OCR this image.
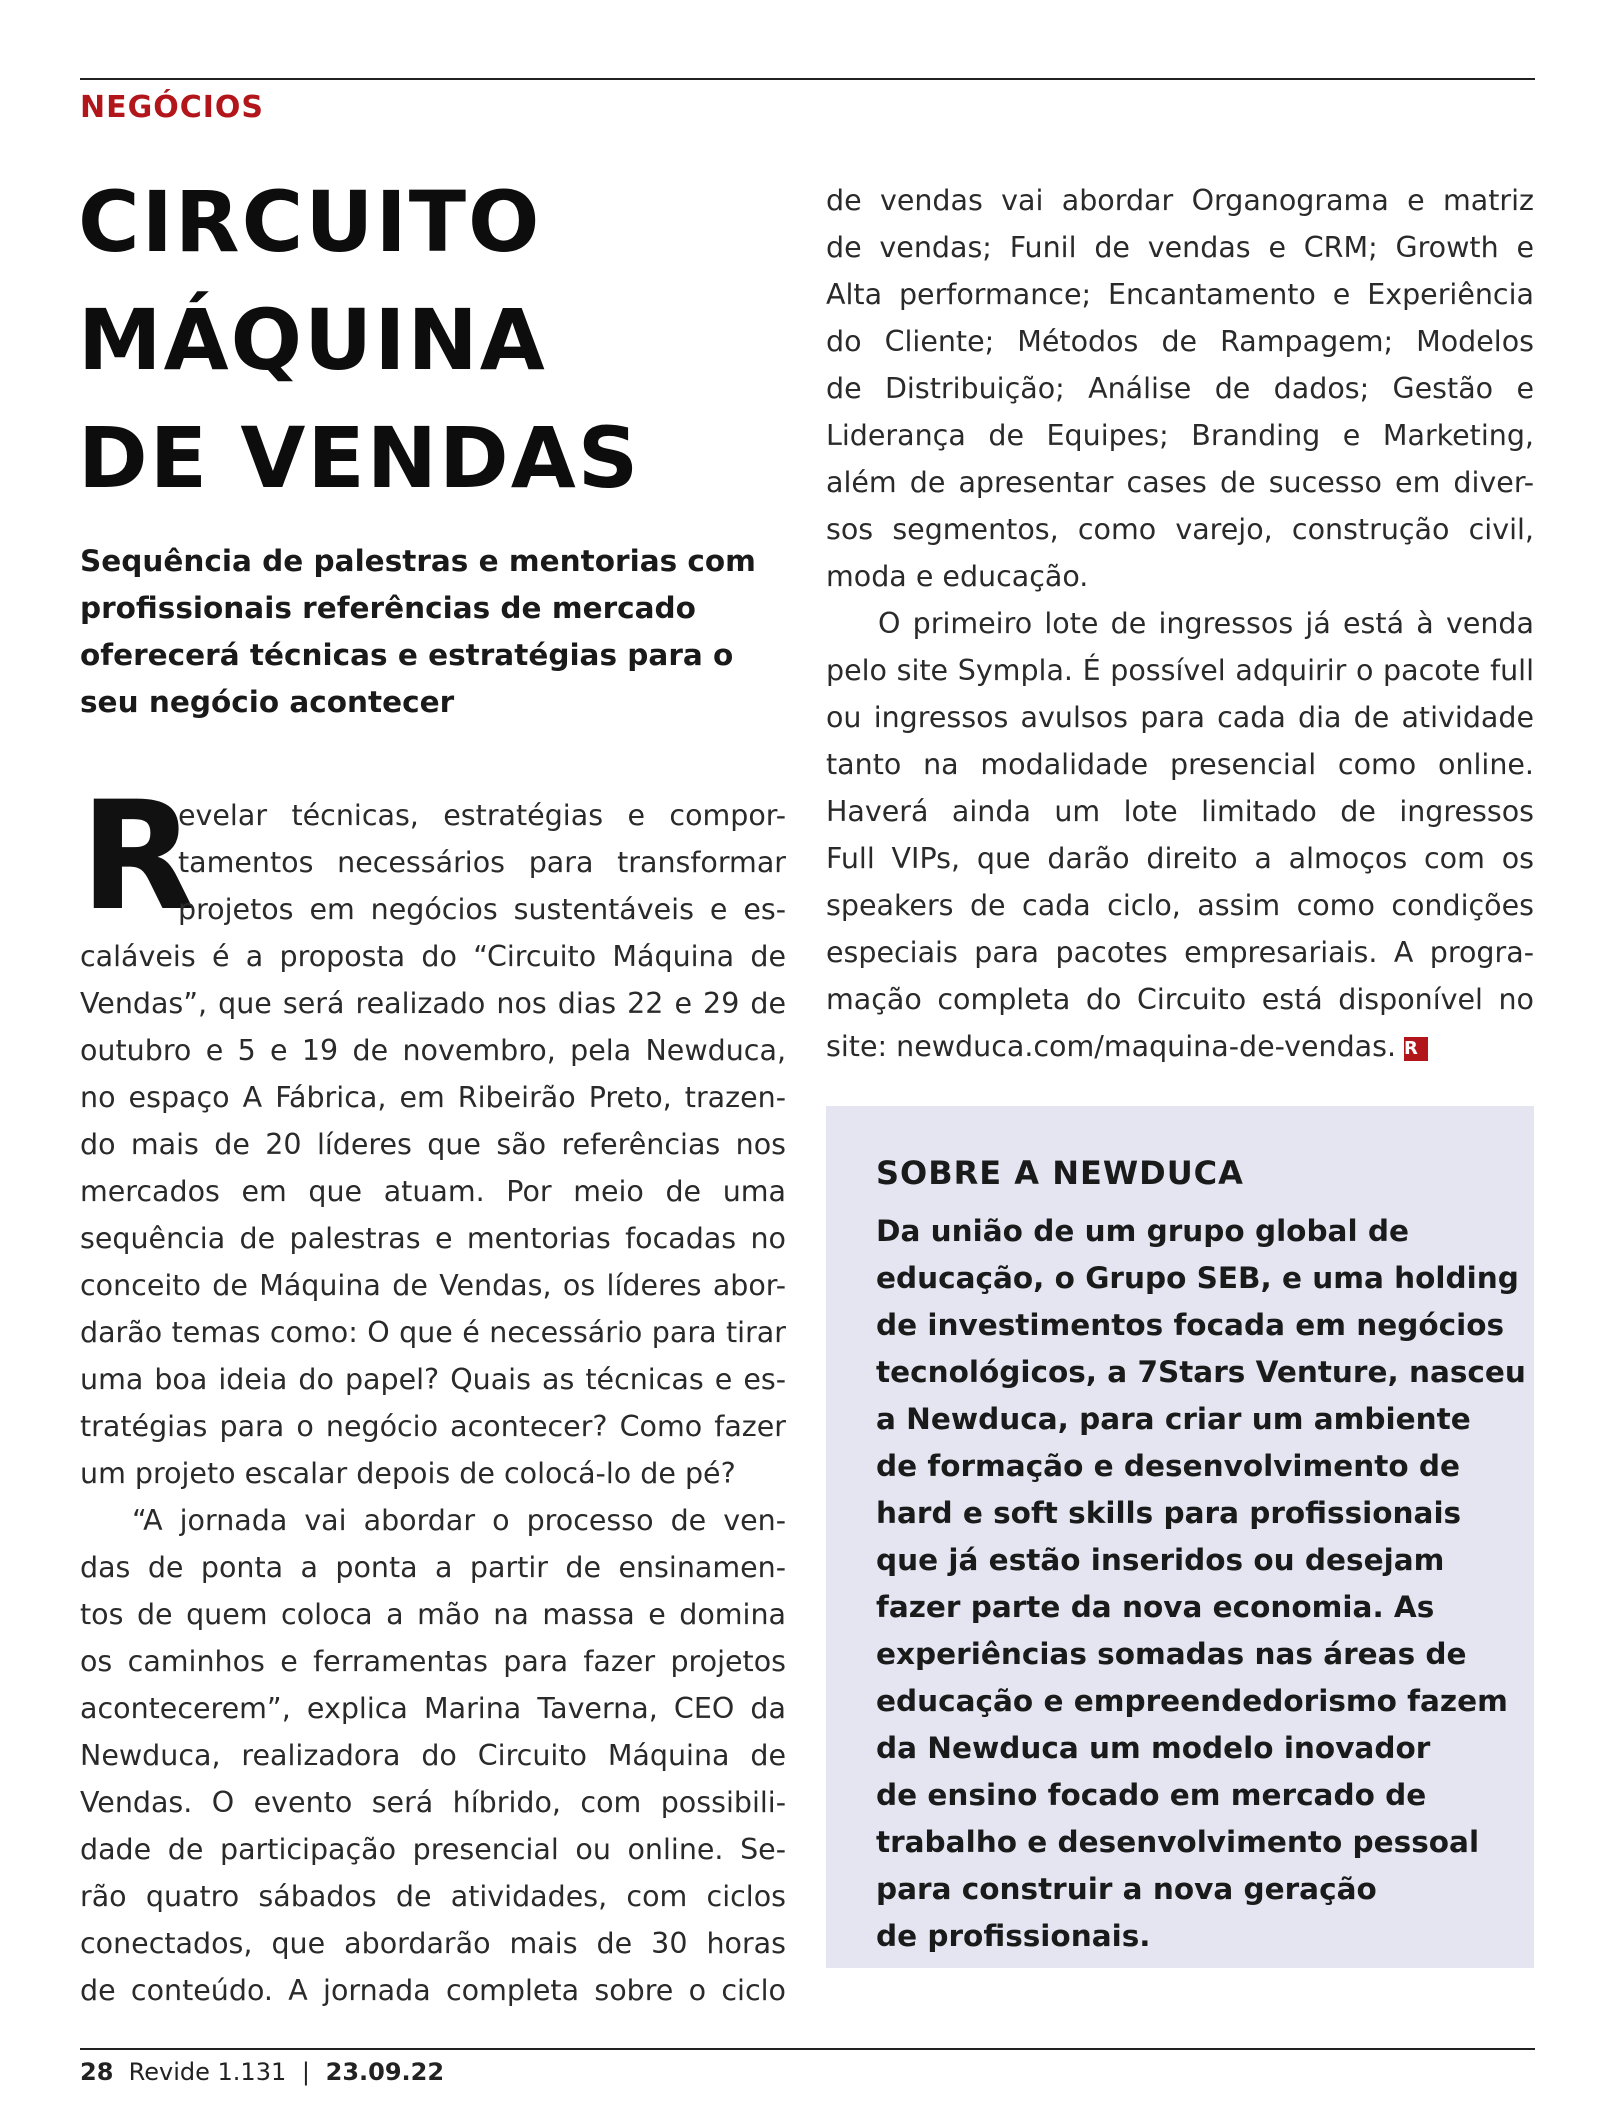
NEGÓCIOS
CIRCUITO
MÁQUINA
DE VENDAS
Sequência de palestras e mentorias com
profissionais referências de mercado
oferecerá técnicas e estratégias para o
seu negócio acontecer
R
evelar técnicas, estratégias e compor-
tamentos necessários para transformar
projetos em negócios sustentáveis e es-
caláveis é a proposta do “Circuito Máquina de
Vendas”, que será realizado nos dias 22 e 29 de
outubro e 5 e 19 de novembro, pela Newduca,
no espaço A Fábrica, em Ribeirão Preto, trazen-
do mais de 20 líderes que são referências nos
mercados em que atuam. Por meio de uma
sequência de palestras e mentorias focadas no
conceito de Máquina de Vendas, os líderes abor-
darão temas como: O que é necessário para tirar
uma boa ideia do papel? Quais as técnicas e es-
tratégias para o negócio acontecer? Como fazer
um projeto escalar depois de colocá-lo de pé?
“A jornada vai abordar o processo de ven-
das de ponta a ponta a partir de ensinamen-
tos de quem coloca a mão na massa e domina
os caminhos e ferramentas para fazer projetos
acontecerem”, explica Marina Taverna, CEO da
Newduca, realizadora do Circuito Máquina de
Vendas. O evento será híbrido, com possibili-
dade de participação presencial ou online. Se-
rão quatro sábados de atividades, com ciclos
conectados, que abordarão mais de 30 horas
de conteúdo. A jornada completa sobre o ciclo
de vendas vai abordar Organograma e matriz
de vendas; Funil de vendas e CRM; Growth e
Alta performance; Encantamento e Experiência
do Cliente; Métodos de Rampagem; Modelos
de Distribuição; Análise de dados; Gestão e
Liderança de Equipes; Branding e Marketing,
além de apresentar cases de sucesso em diver-
sos segmentos, como varejo, construção civil,
moda e educação.
O primeiro lote de ingressos já está à venda
pelo site Sympla. É possível adquirir o pacote full
ou ingressos avulsos para cada dia de atividade
tanto na modalidade presencial como online.
Haverá ainda um lote limitado de ingressos
Full VIPs, que darão direito a almoços com os
speakers de cada ciclo, assim como condições
especiais para pacotes empresariais. A progra-
mação completa do Circuito está disponível no
site: newduca.com/maquina-de-vendas. R
SOBRE A NEWDUCA
Da união de um grupo global de
educação, o Grupo SEB, e uma holding
de investimentos focada em negócios
tecnológicos, a 7Stars Venture, nasceu
a Newduca, para criar um ambiente
de formação e desenvolvimento de
hard e soft skills para profissionais
que já estão inseridos ou desejam
fazer parte da nova economia. As
experiências somadas nas áreas de
educação e empreendedorismo fazem
da Newduca um modelo inovador
de ensino focado em mercado de
trabalho e desenvolvimento pessoal
para construir a nova geração
de profissionais.
28 Revide 1.131 | 23.09.22
